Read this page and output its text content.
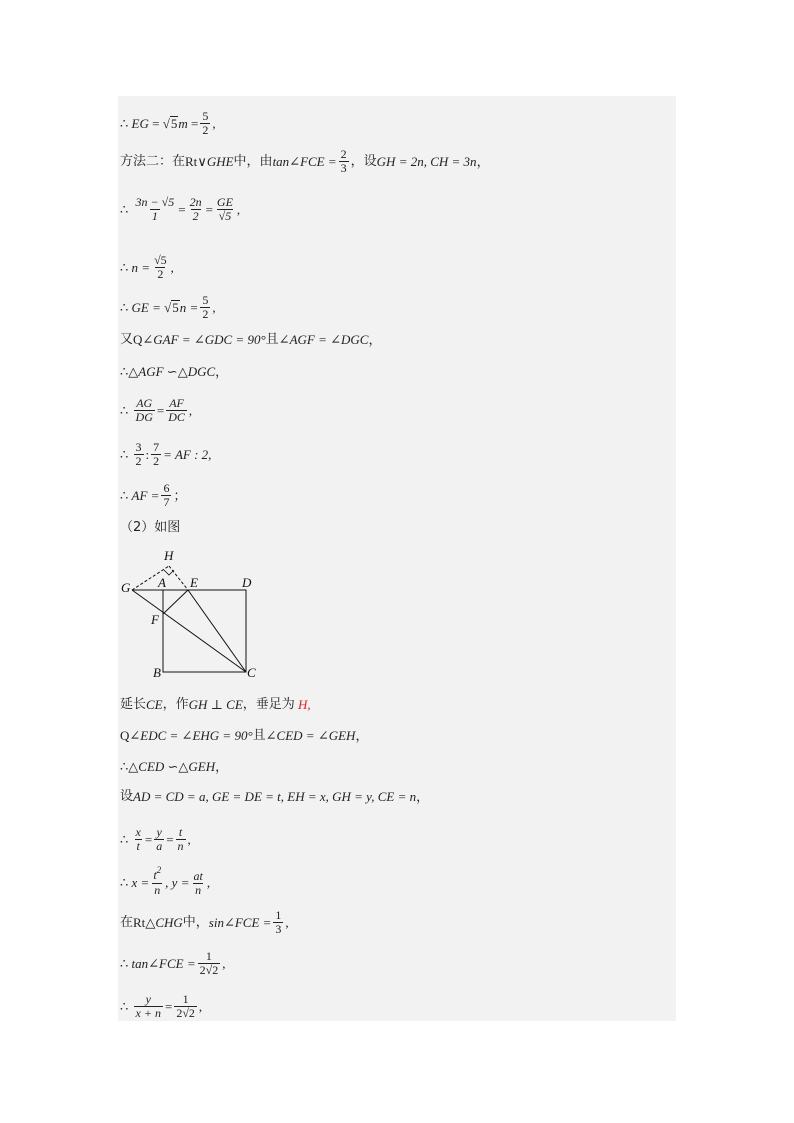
∴
EG
=
√ 5 $m = \frac{5}{2}$ ,
方法二：在 Rt ∨ GHE 中，由 tan∠FCE = $\frac{2}{3}$ ，设 GH = 2n, CH = 3n ，
∴
$\frac{3n - √5}{1} = \frac{2n}{2} = \frac{GE}{√5}$ ,
∴
$n = \frac{√5}{2}$ ,
∴
GE =
√ 5 $n = \frac{5}{2}$ ,
又 Q ∠GAF = ∠GDC = 90° 且 ∠AGF = ∠DGC ，
∴ △AGF ∽△DGC ，
∴
$\frac{AG}{DG} = \frac{AF}{DC}$ ,
∴
$\frac{3}{2}$ : $\frac{7}{2}$ = AF : 2 ,
∴
AF = $\frac{6}{7}$ ；
（2）如图
H
G A E	D
F
B	C
延长 CE ，作 GH ⊥ CE ，垂足为
H,
Q ∠EDC = ∠EHG = 90° 且 ∠CED = ∠GEH ，
∴ △CED ∽△GEH ，
设 AD = CD = a, GE = DE = t, EH = x, GH = y, CE = n ，
∴
$\frac{x}{t} = \frac{y}{a} = \frac{t}{n}$ ,
∴
$x = \frac{t^2}{n}$ , $y = \frac{at}{n}$ ,
在 Rt △ CHG 中， sin∠FCE = $\frac{1}{3}$ ,
∴
tan∠FCE = $\frac{1}{2√2}$ ,
∴
$\frac{y}{x + n} = \frac{1}{2√2}$ ,
